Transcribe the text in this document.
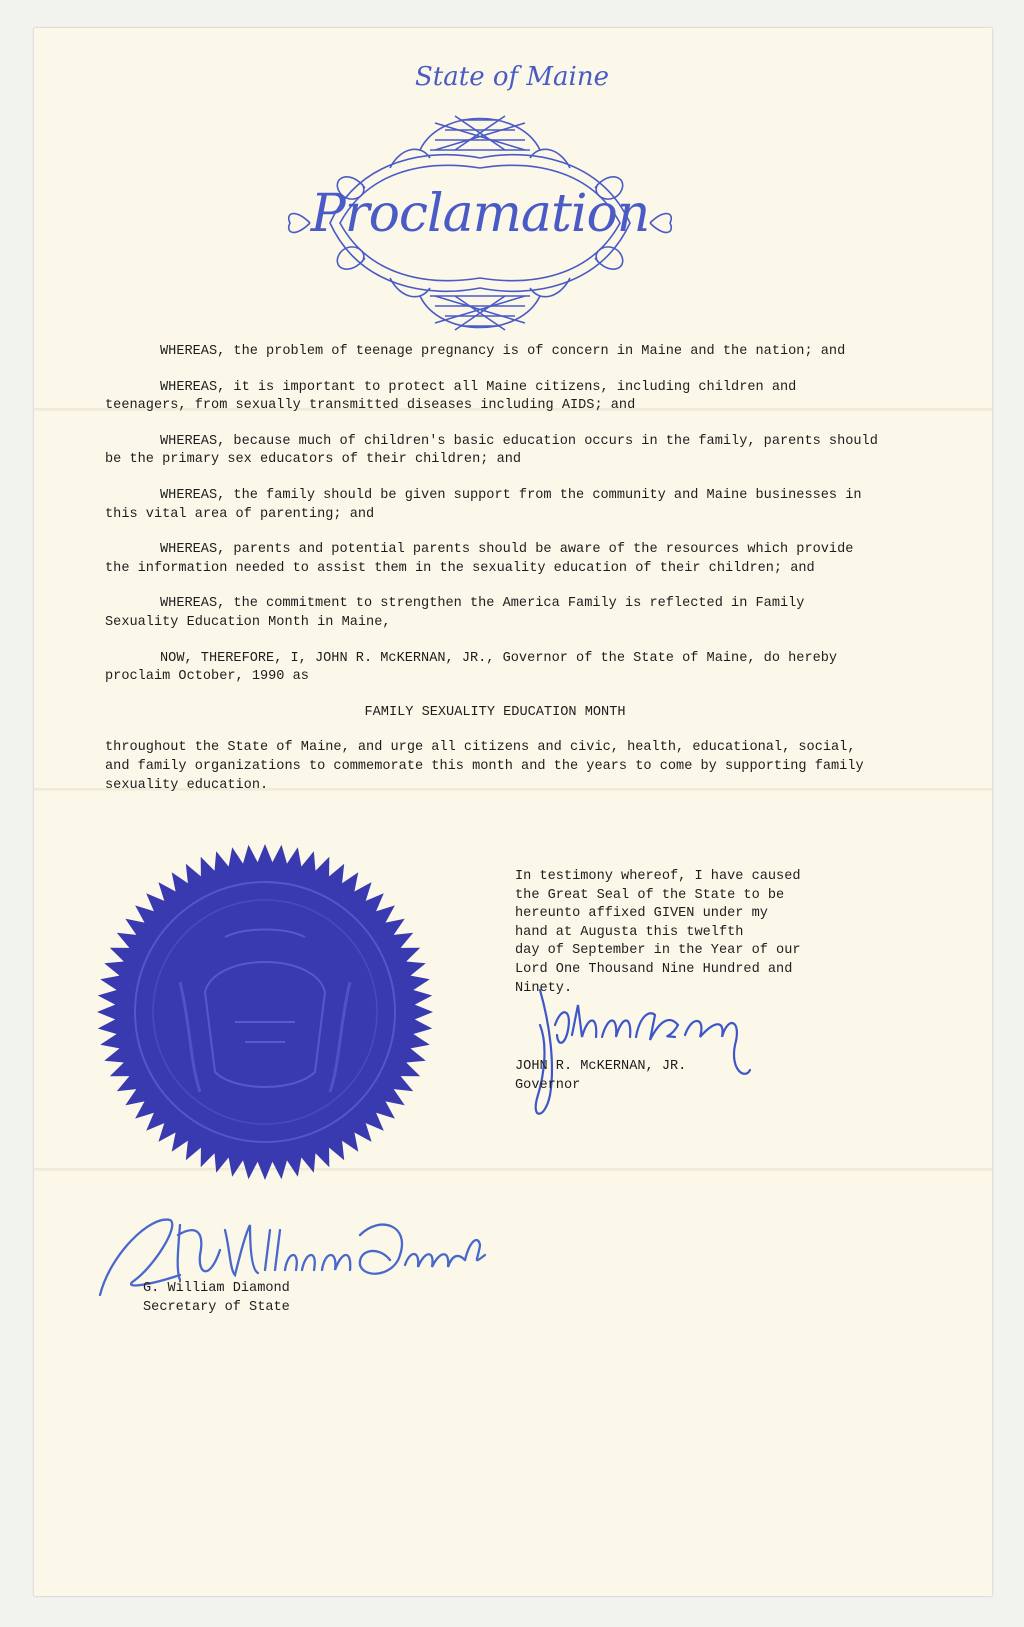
State of Maine
Proclamation

WHEREAS, the problem of teenage pregnancy is of concern in Maine and the nation; and

WHEREAS, it is important to protect all Maine citizens, including children and teenagers, from sexually transmitted diseases including AIDS; and

WHEREAS, because much of children's basic education occurs in the family, parents should be the primary sex educators of their children; and

WHEREAS, the family should be given support from the community and Maine businesses in this vital area of parenting; and

WHEREAS, parents and potential parents should be aware of the resources which provide the information needed to assist them in the sexuality education of their children; and

WHEREAS, the commitment to strengthen the America Family is reflected in Family Sexuality Education Month in Maine,

NOW, THEREFORE, I, JOHN R. McKERNAN, JR., Governor of the State of Maine, do hereby proclaim October, 1990 as

FAMILY SEXUALITY EDUCATION MONTH

throughout the State of Maine, and urge all citizens and civic, health, educational, social, and family organizations to commemorate this month and the years to come by supporting family sexuality education.

In testimony whereof, I have caused
the Great Seal of the State to be
hereunto affixed GIVEN under my
hand at Augusta this twelfth
day of September in the Year of our
Lord One Thousand Nine Hundred and
Ninety.
JOHN R. McKERNAN, JR.
Governor
G. William Diamond
Secretary of State
